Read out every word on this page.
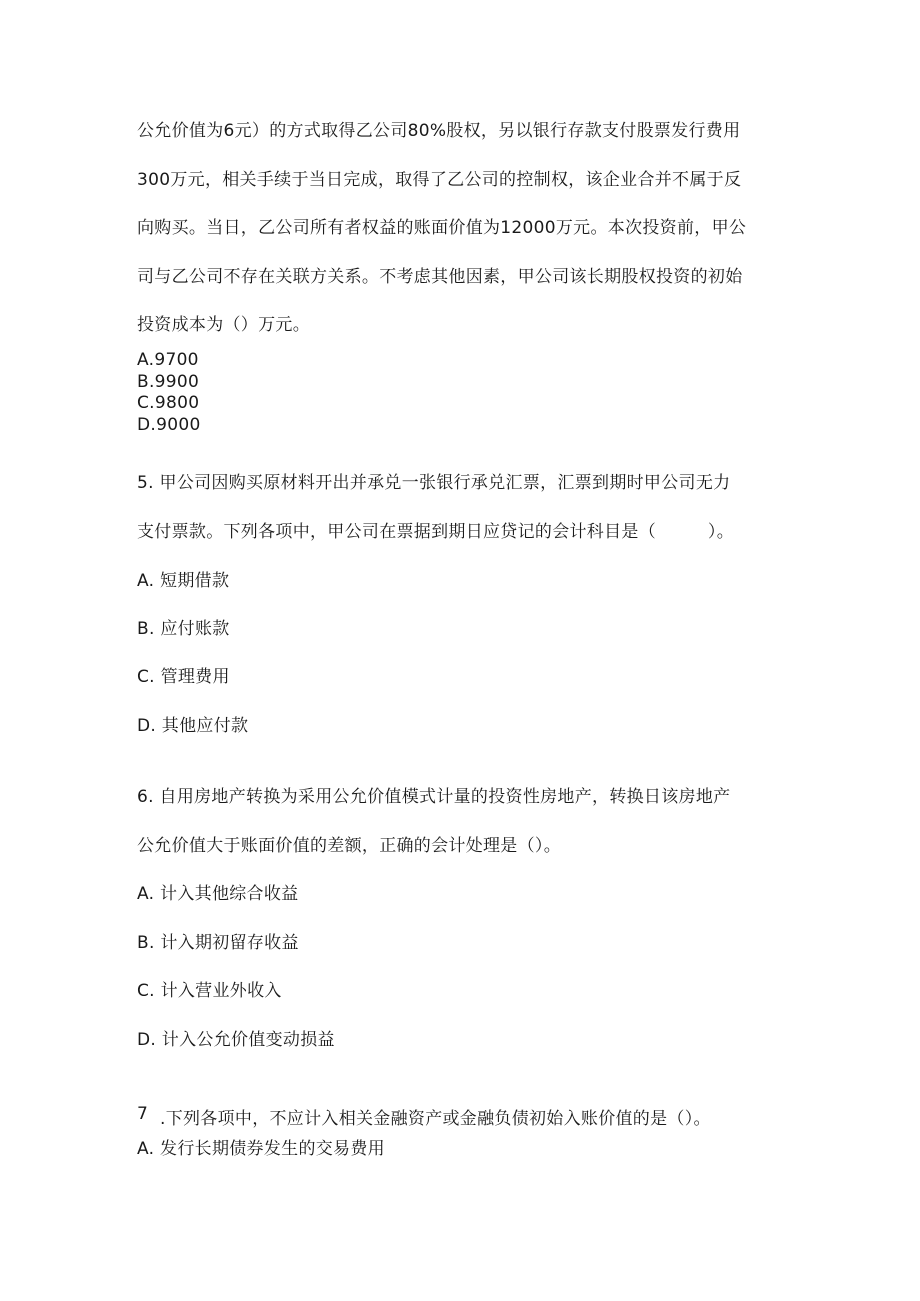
公允价值为6元）的方式取得乙公司80%股权，另以银行存款支付股票发行费用
300万元，相关手续于当日完成，取得了乙公司的控制权，该企业合并不属于反
向购买。当日，乙公司所有者权益的账面价值为12000万元。本次投资前，甲公
司与乙公司不存在关联方关系。不考虑其他因素，甲公司该长期股权投资的初始
投资成本为（）万元。
A.9700
B.9900
C.9800
D.9000
5. 甲公司因购买原材料开出并承兑一张银行承兑汇票，汇票到期时甲公司无力
支付票款。下列各项中，甲公司在票据到期日应贷记的会计科目是（　　　）。
A. 短期借款
B. 应付账款
C. 管理费用
D. 其他应付款
6. 自用房地产转换为采用公允价值模式计量的投资性房地产，转换日该房地产
公允价值大于账面价值的差额，正确的会计处理是（）。
A. 计入其他综合收益
B. 计入期初留存收益
C. 计入营业外收入
D. 计入公允价值变动损益
7 .下列各项中，不应计入相关金融资产或金融负债初始入账价值的是（）。
A. 发行长期债券发生的交易费用
